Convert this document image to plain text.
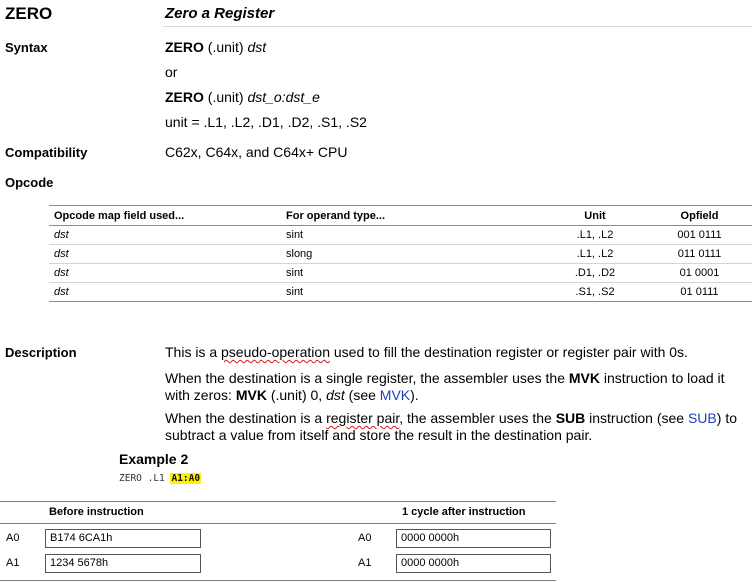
ZERO	Zero a Register
Syntax	ZERO (.unit) dst
or
ZERO (.unit) dst_o:dst_e
unit = .L1, .L2, .D1, .D2, .S1, .S2
Compatibility	C62x, C64x, and C64x+ CPU
Opcode
Opcode map field used...	For operand type...	Unit	Opfield
dst	sint	.L1, .L2	001 0111
dst	slong	.L1, .L2	011 0111
dst	sint	.D1, .D2	01 0001
dst	sint	.S1, .S2	01 0111
Description	This is a pseudo-operation used to fill the destination register or register pair with 0s.
When the destination is a single register, the assembler uses the MVK instruction to load it with zeros: MVK (.unit) 0, dst (see MVK).
When the destination is a register pair, the assembler uses the SUB instruction (see SUB) to subtract a value from itself and store the result in the destination pair.
Example 2
ZERO .L1 A1:A0
Before instruction	1 cycle after instruction
A0	B174 6CA1h	A0	0000 0000h
A1	1234 5678h	A1	0000 0000h
